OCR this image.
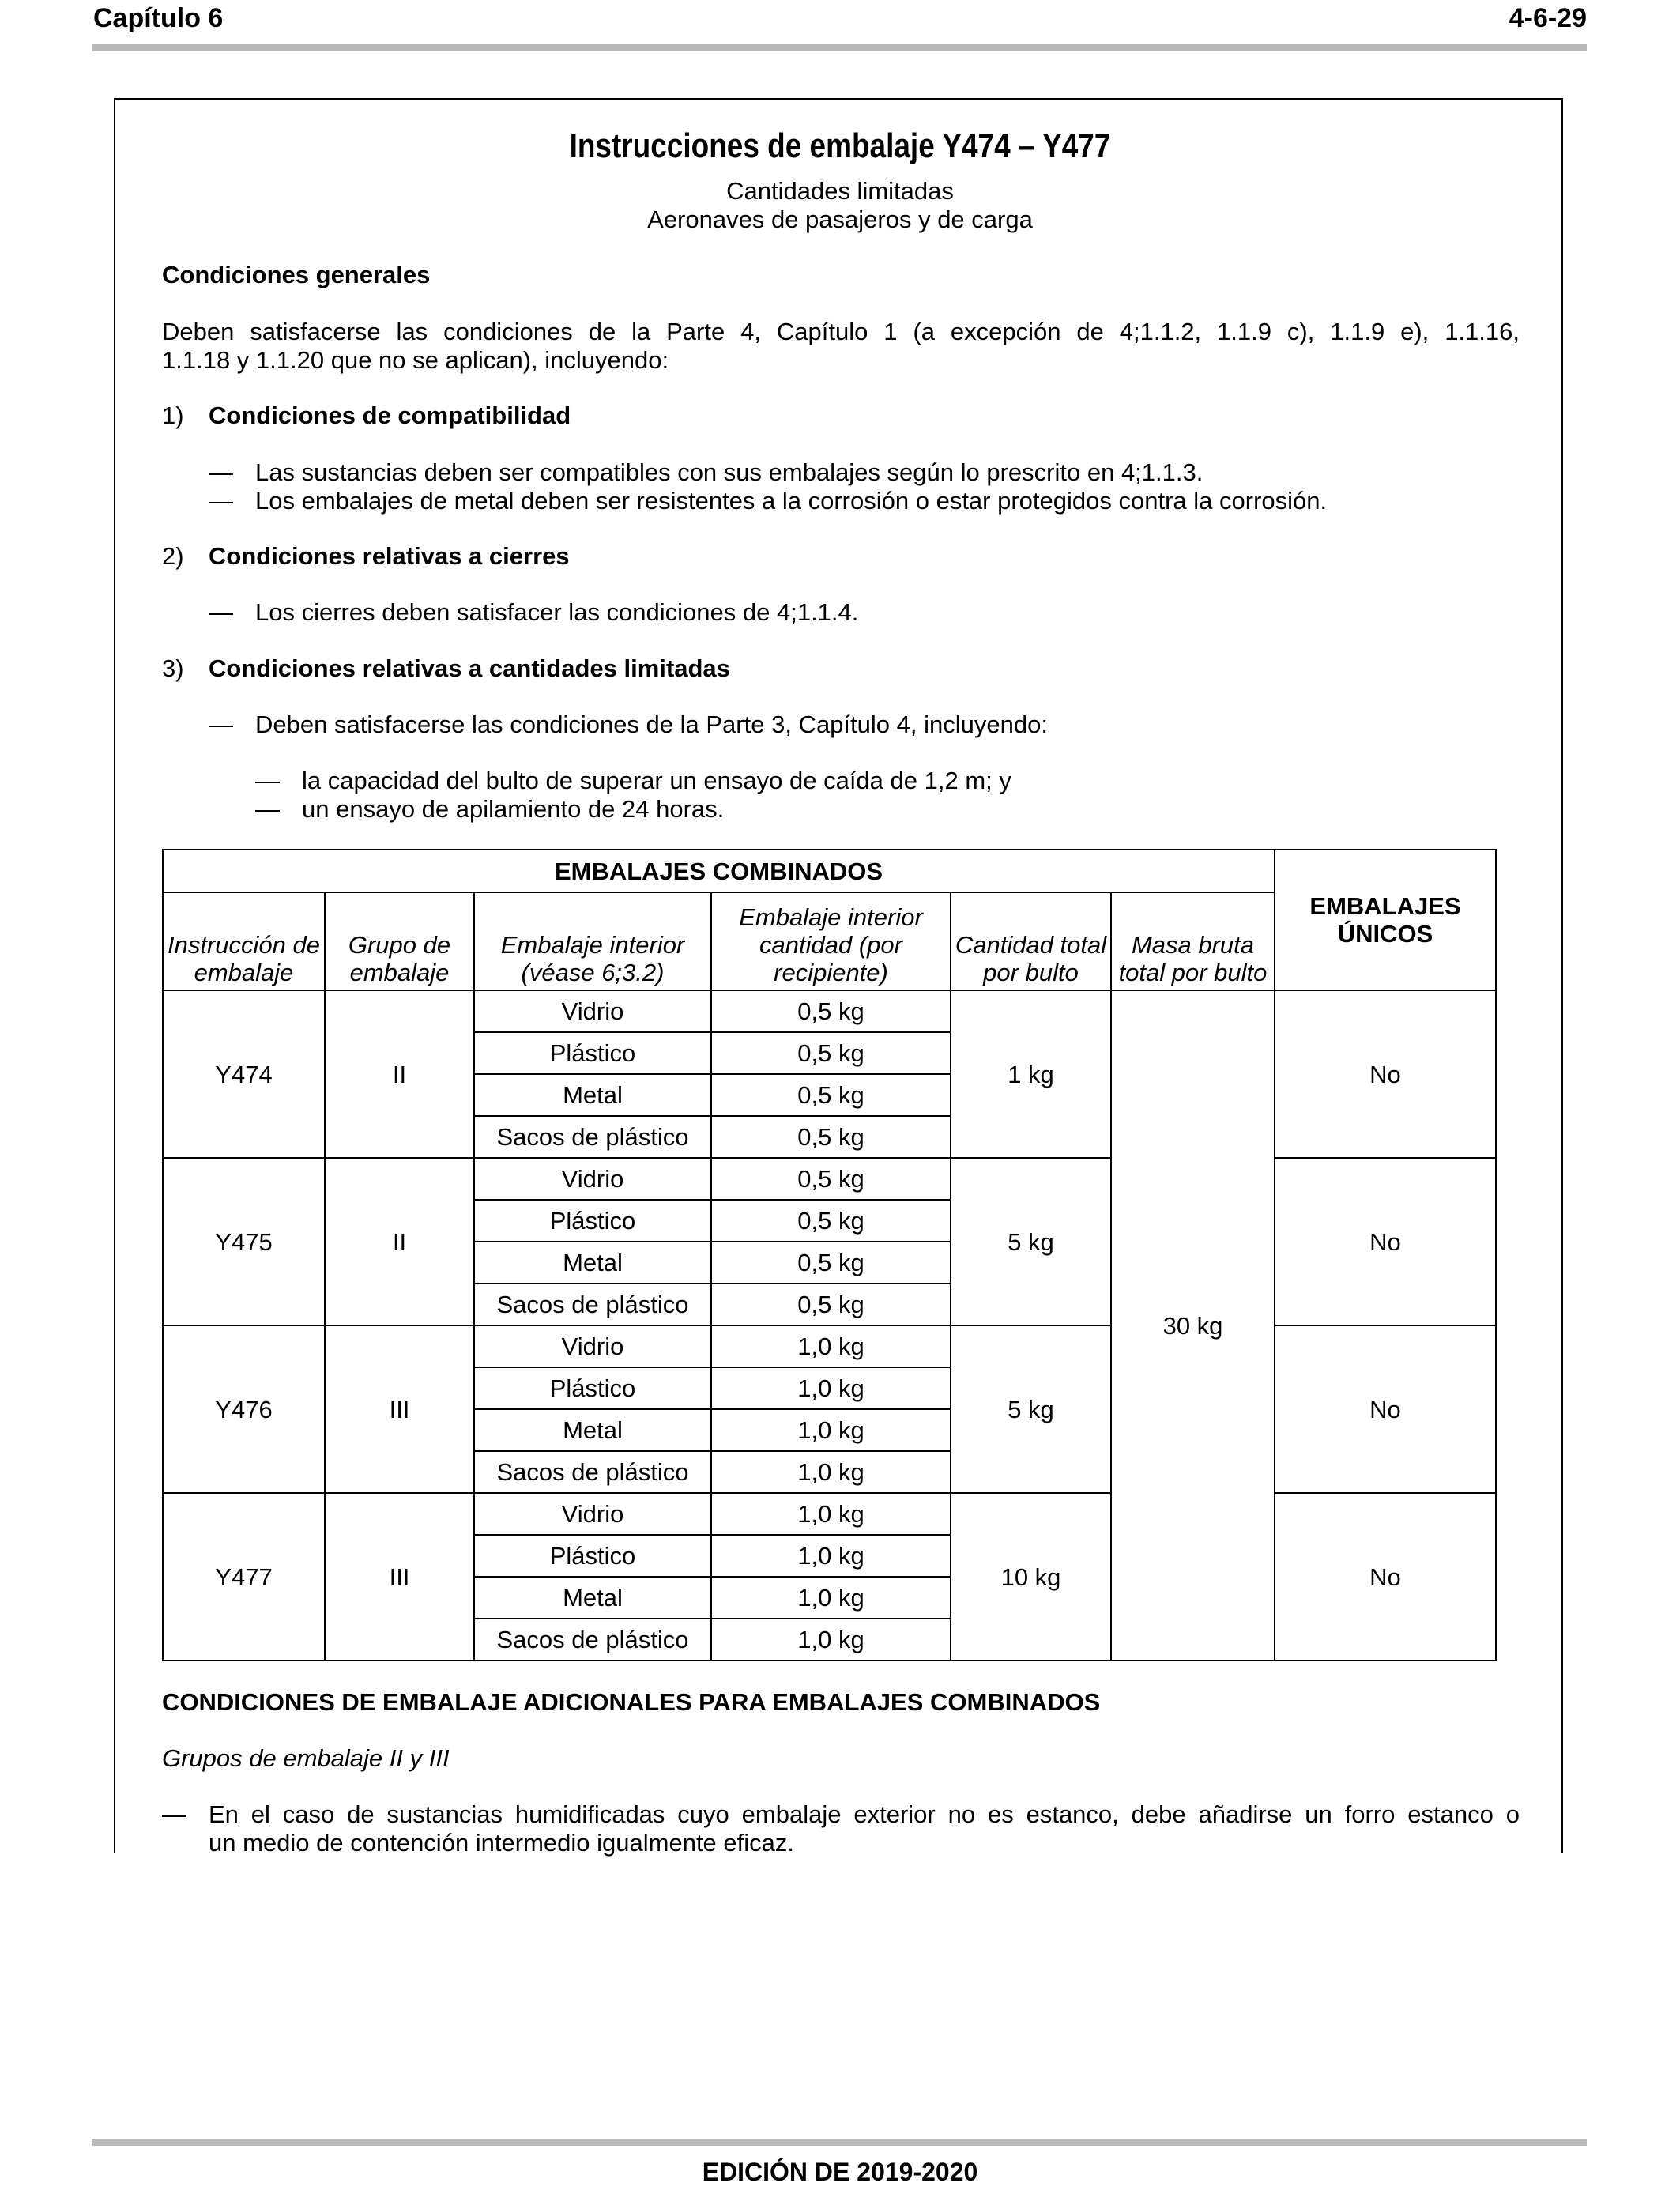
Capítulo 6	4-6-29
Instrucciones de embalaje Y474 – Y477
Cantidades limitadas
Aeronaves de pasajeros y de carga
Condiciones generales
Deben satisfacerse las condiciones de la Parte 4, Capítulo 1 (a excepción de 4;1.1.2, 1.1.9 c), 1.1.9 e), 1.1.16,
1.1.18 y 1.1.20 que no se aplican), incluyendo:
1) Condiciones de compatibilidad
— Las sustancias deben ser compatibles con sus embalajes según lo prescrito en 4;1.1.3.
— Los embalajes de metal deben ser resistentes a la corrosión o estar protegidos contra la corrosión.
2) Condiciones relativas a cierres
— Los cierres deben satisfacer las condiciones de 4;1.1.4.
3) Condiciones relativas a cantidades limitadas
— Deben satisfacerse las condiciones de la Parte 3, Capítulo 4, incluyendo:
— la capacidad del bulto de superar un ensayo de caída de 1,2 m; y
— un ensayo de apilamiento de 24 horas.
EMBALAJES COMBINADOS						EMBALAJES ÚNICOS
Instrucción de embalaje	Grupo de embalaje	Embalaje interior (véase 6;3.2)	Embalaje interior cantidad (por recipiente)	Cantidad total por bulto	Masa bruta total por bulto	
Y474	II	Vidrio	0,5 kg	1 kg	30 kg	No
		Plástico	0,5 kg			
		Metal	0,5 kg			
		Sacos de plástico	0,5 kg			
Y475	II	Vidrio	0,5 kg	5 kg		No
		Plástico	0,5 kg			
		Metal	0,5 kg			
		Sacos de plástico	0,5 kg			
Y476	III	Vidrio	1,0 kg	5 kg		No
		Plástico	1,0 kg			
		Metal	1,0 kg			
		Sacos de plástico	1,0 kg			
Y477	III	Vidrio	1,0 kg	10 kg		No
		Plástico	1,0 kg			
		Metal	1,0 kg			
		Sacos de plástico	1,0 kg			
CONDICIONES DE EMBALAJE ADICIONALES PARA EMBALAJES COMBINADOS
Grupos de embalaje II y III
— En el caso de sustancias humidificadas cuyo embalaje exterior no es estanco, debe añadirse un forro estanco o
un medio de contención intermedio igualmente eficaz.
EDICIÓN DE 2019-2020
